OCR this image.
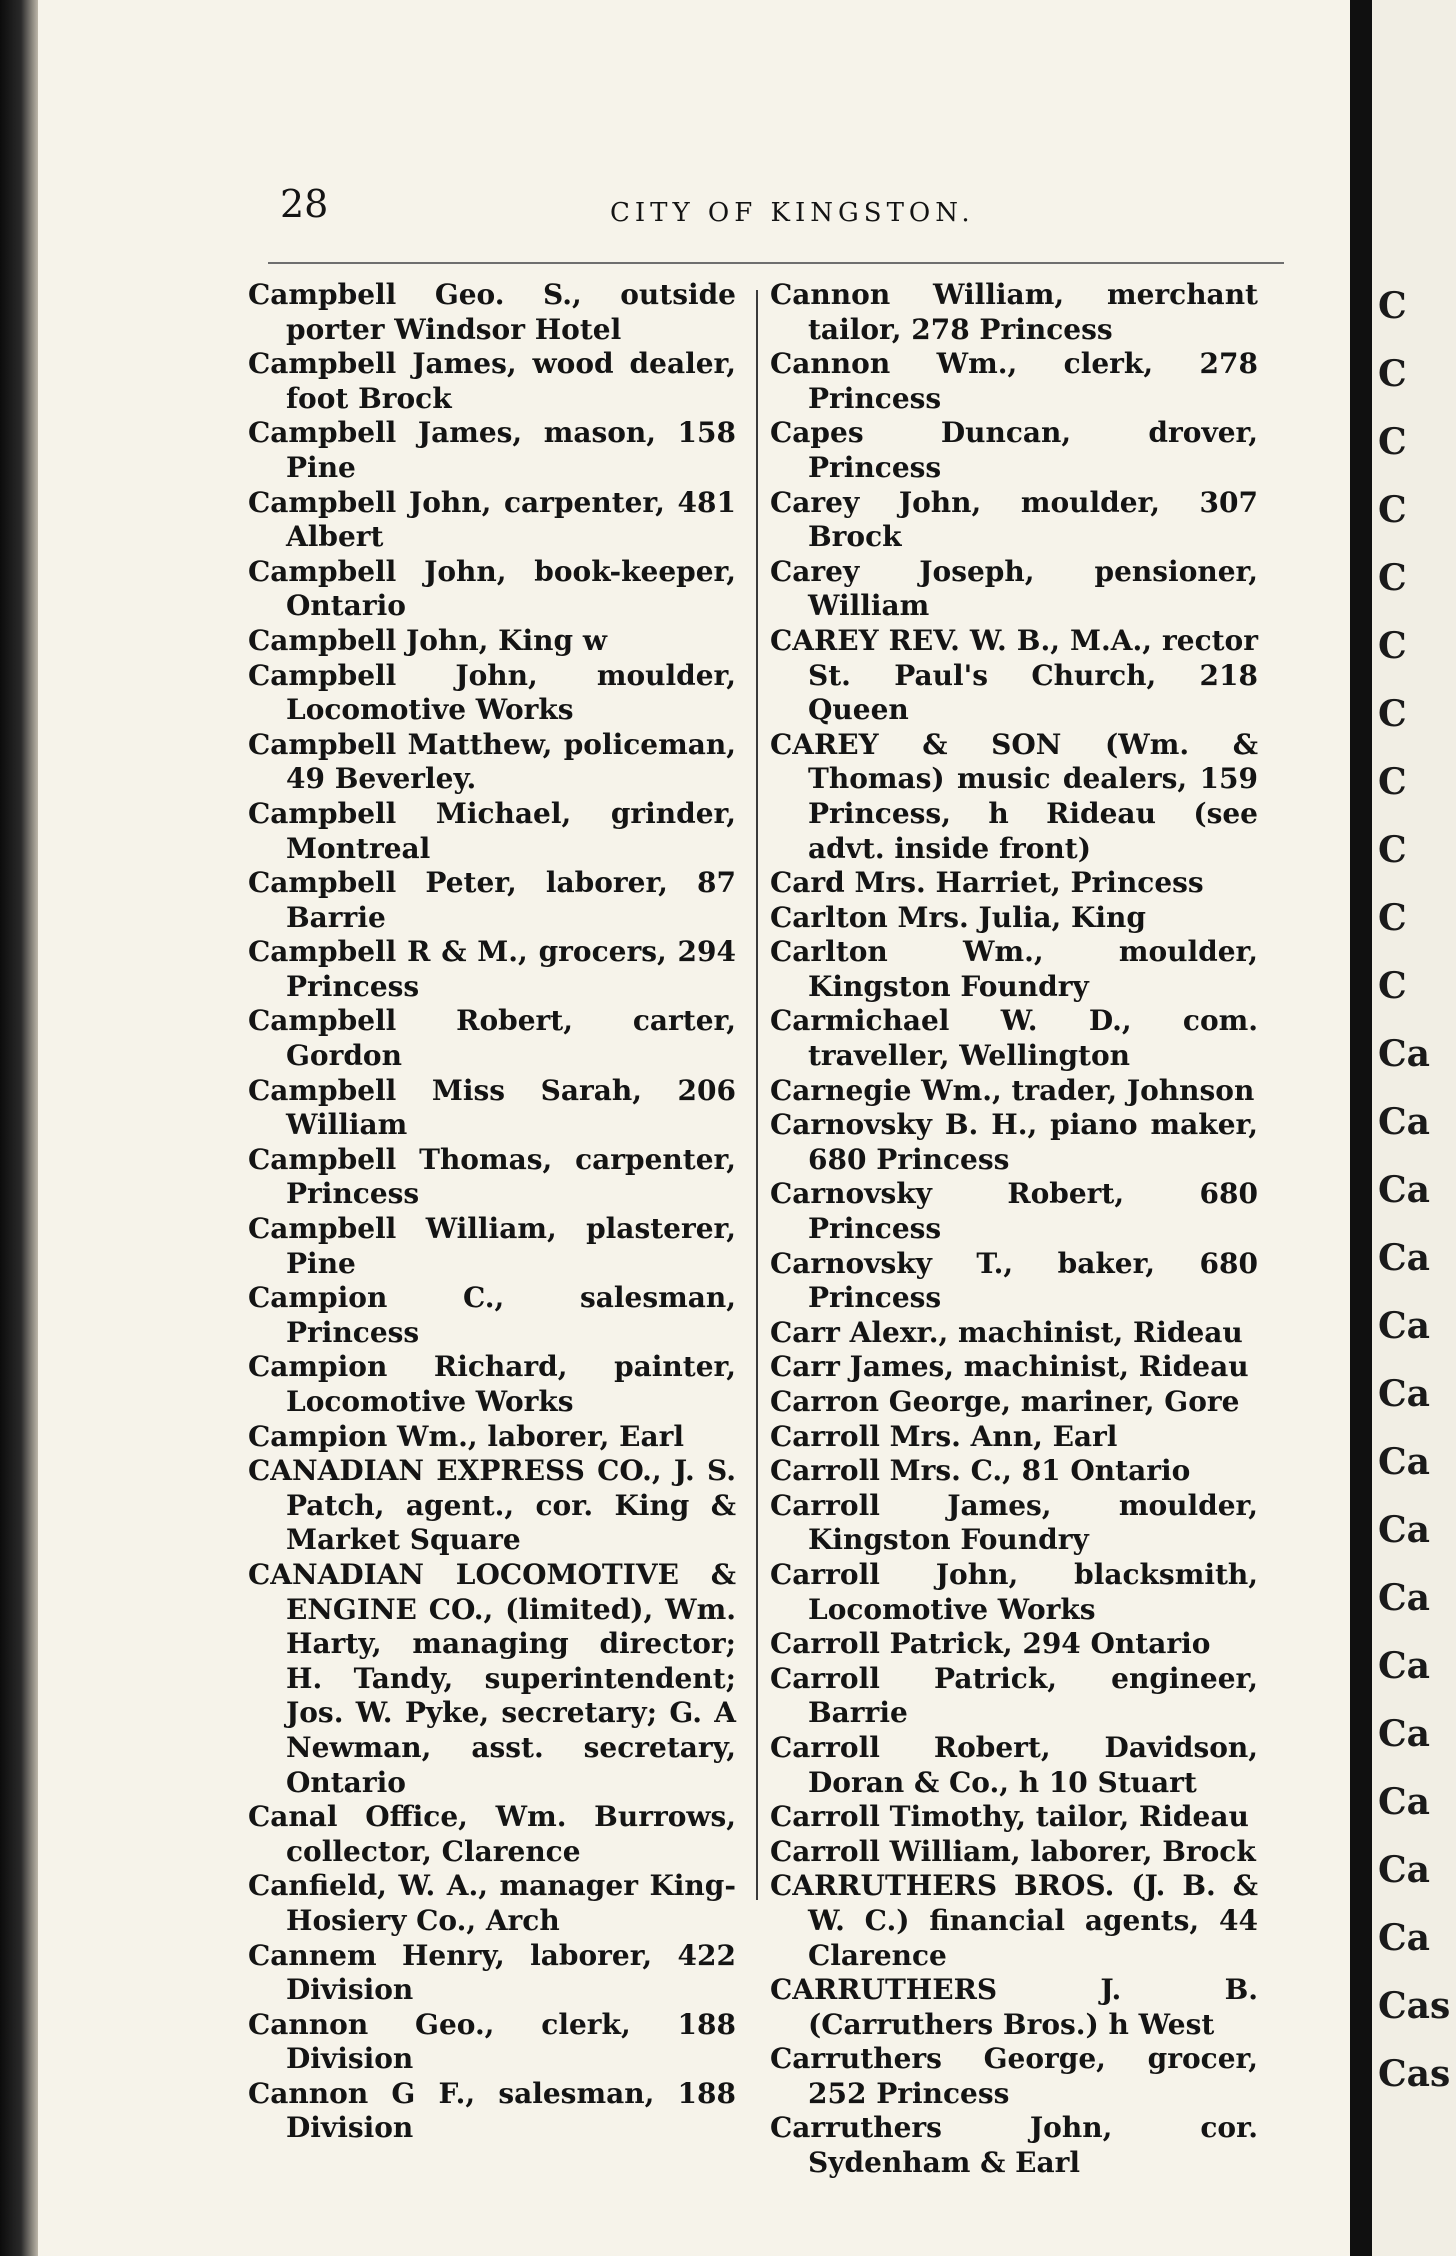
28	CITY OF KINGSTON.
Campbell Geo. S., outside porter Windsor Hotel
Campbell James, wood dealer, foot Brock
Campbell James, mason, 158 Pine
Campbell John, carpenter, 481 Albert
Campbell John, book-keeper, Ontario
Campbell John, King w
Campbell John, moulder, Locomotive Works
Campbell Matthew, policeman, 49 Beverley.
Campbell Michael, grinder, Montreal
Campbell Peter, laborer, 87 Barrie
Campbell R & M., grocers, 294 Princess
Campbell Robert, carter, Gordon
Campbell Miss Sarah, 206 William
Campbell Thomas, carpenter, Princess
Campbell William, plasterer, Pine
Campion C., salesman, Princess
Campion Richard, painter, Locomotive Works
Campion Wm., laborer, Earl
CANADIAN EXPRESS CO., J. S. Patch, agent., cor. King & Market Square
CANADIAN LOCOMOTIVE & ENGINE CO., (limited), Wm. Harty, managing director; H. Tandy, superintendent; Jos. W. Pyke, secretary; G. A Newman, asst. secretary, Ontario
Canal Office, Wm. Burrows, collector, Clarence
Canfield, W. A., manager King-Hosiery Co., Arch
Cannem Henry, laborer, 422 Division
Cannon Geo., clerk, 188 Division
Cannon G F., salesman, 188 Division
Cannon William, merchant tailor, 278 Princess
Cannon Wm., clerk, 278 Princess
Capes Duncan, drover, Princess
Carey John, moulder, 307 Brock
Carey Joseph, pensioner, William
CAREY REV. W. B., M.A., rector St. Paul's Church, 218 Queen
CAREY & SON (Wm. & Thomas) music dealers, 159 Princess, h Rideau (see advt. inside front)
Card Mrs. Harriet, Princess
Carlton Mrs. Julia, King
Carlton Wm., moulder, Kingston Foundry
Carmichael W. D., com. traveller, Wellington
Carnegie Wm., trader, Johnson
Carnovsky B. H., piano maker, 680 Princess
Carnovsky Robert, 680 Princess
Carnovsky T., baker, 680 Princess
Carr Alexr., machinist, Rideau
Carr James, machinist, Rideau
Carron George, mariner, Gore
Carroll Mrs. Ann, Earl
Carroll Mrs. C., 81 Ontario
Carroll James, moulder, Kingston Foundry
Carroll John, blacksmith, Locomotive Works
Carroll Patrick, 294 Ontario
Carroll Patrick, engineer, Barrie
Carroll Robert, Davidson, Doran & Co., h 10 Stuart
Carroll Timothy, tailor, Rideau
Carroll William, laborer, Brock
CARRUTHERS BROS. (J. B. & W. C.) financial agents, 44 Clarence
CARRUTHERS J. B. (Carruthers Bros.) h West
Carruthers George, grocer, 252 Princess
Carruthers John, cor. Sydenham & Earl
C
C
C
C
C
C
C
C
C
C
C
Ca
Ca
Ca
Ca
Ca
Ca
Ca
Ca
Ca
Ca
Ca
Ca
Ca
Ca
Cas
Cas
